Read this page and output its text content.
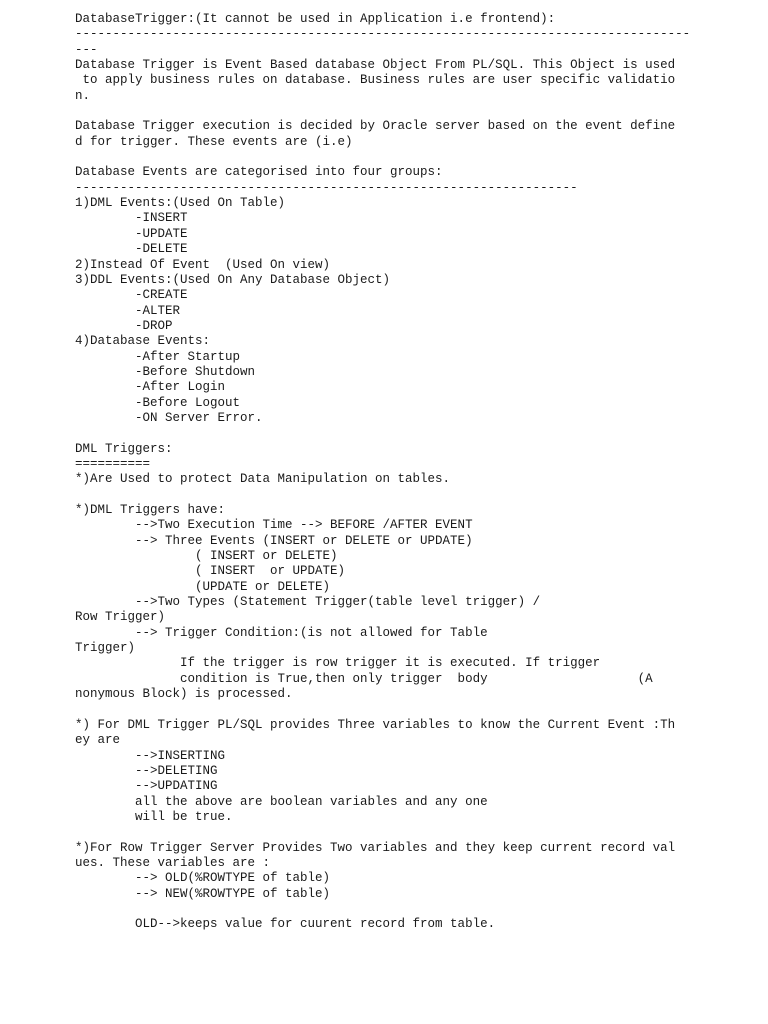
DatabaseTrigger:(It cannot be used in Application i.e frontend):
----------------------------------------------------------------------------------
---
Database Trigger is Event Based database Object From PL/SQL. This Object is used
to apply business rules on database. Business rules are user specific validatio
n.
Database Trigger execution is decided by Oracle server based on the event define
d for trigger. These events are (i.e)
Database Events are categorised into four groups:
-------------------------------------------------------------------
1)DML Events:(Used On Table)
-INSERT
-UPDATE
-DELETE
2)Instead Of Event  (Used On view)
3)DDL Events:(Used On Any Database Object)
-CREATE
-ALTER
-DROP
4)Database Events:
-After Startup
-Before Shutdown
-After Login
-Before Logout
-ON Server Error.
DML Triggers:
==========
*)Are Used to protect Data Manipulation on tables.
*)DML Triggers have:
-->Two Execution Time --> BEFORE /AFTER EVENT
--> Three Events (INSERT or DELETE or UPDATE)
( INSERT or DELETE)
( INSERT  or UPDATE)
(UPDATE or DELETE)
-->Two Types (Statement Trigger(table level trigger) /
Row Trigger)
--> Trigger Condition:(is not allowed for Table
Trigger)
If the trigger is row trigger it is executed. If trigger
condition is True,then only trigger  body                    (A
nonymous Block) is processed.
*) For DML Trigger PL/SQL provides Three variables to know the Current Event :Th
ey are
-->INSERTING
-->DELETING
-->UPDATING
all the above are boolean variables and any one
will be true.
*)For Row Trigger Server Provides Two variables and they keep current record val
ues. These variables are :
--> OLD(%ROWTYPE of table)
--> NEW(%ROWTYPE of table)
OLD-->keeps value for cuurent record from table.
